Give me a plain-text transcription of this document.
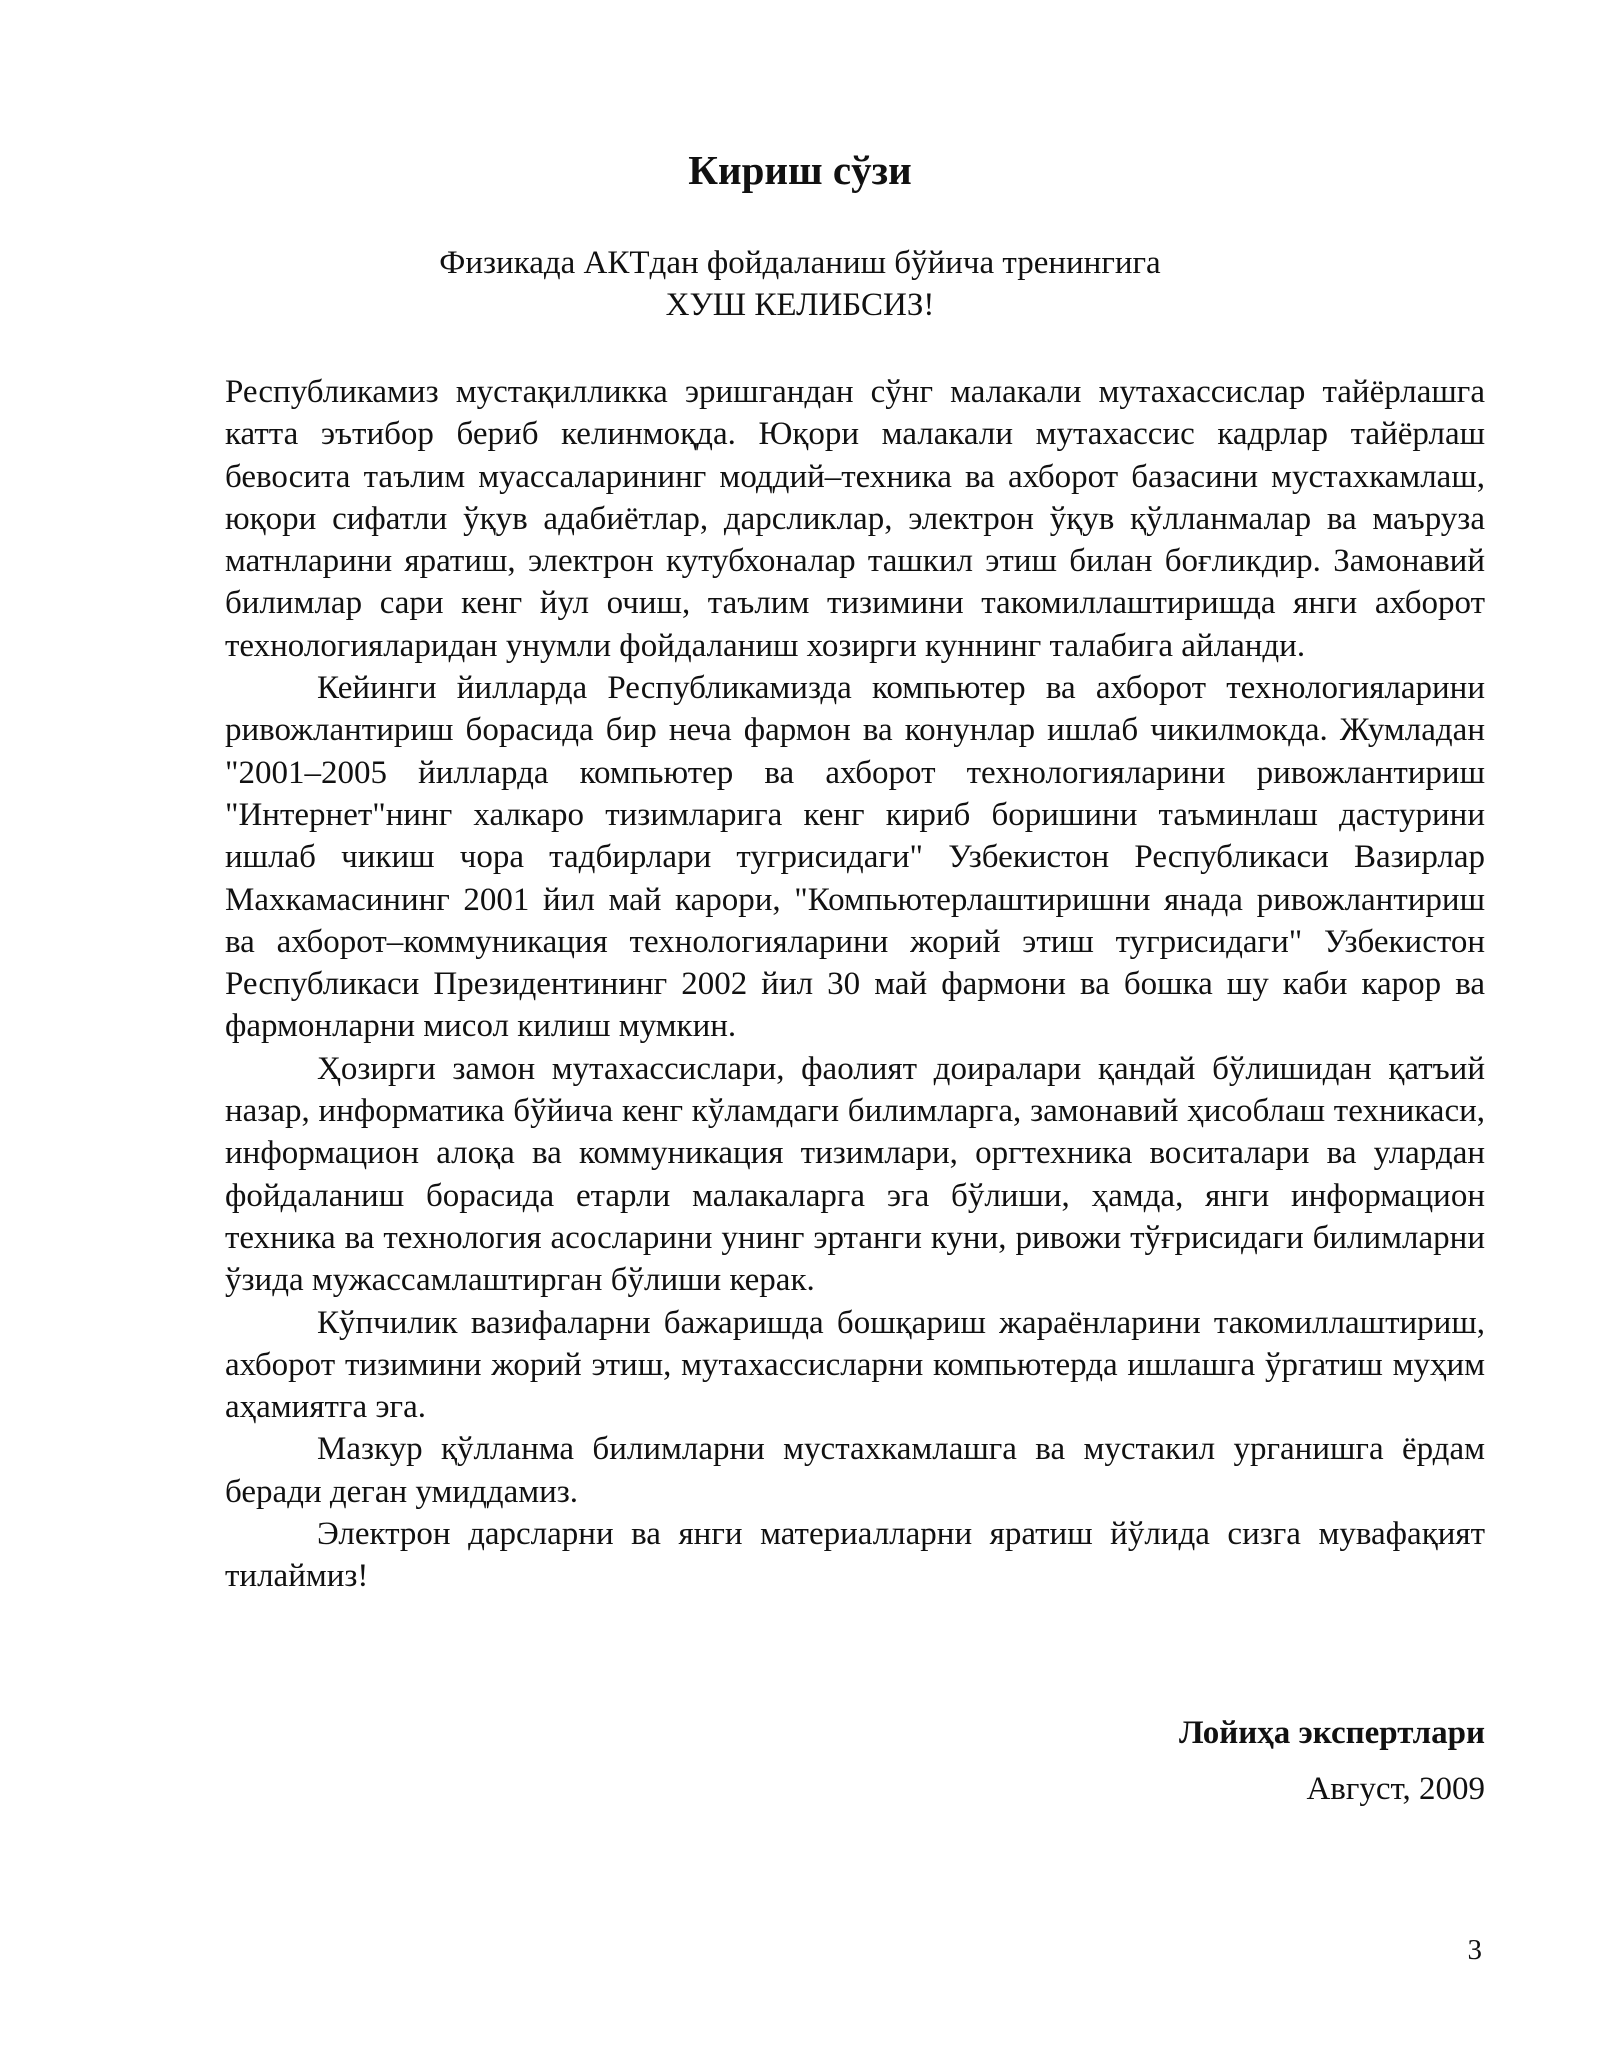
Кириш сўзи
Физикада АКТдан фойдаланиш бўйича тренингига
ХУШ КЕЛИБСИЗ!

Республикамиз мустақилликка эришгандан сўнг малакали мутахассислар тайёрлашга катта эътибор бериб келинмоқда. Юқори малакали мутахассис кадрлар тайёрлаш бевосита таълим муассаларининг моддий–техника ва ахборот базасини мустахкамлаш, юқори сифатли ўқув адабиётлар, дарсликлар, электрон ўқув қўлланмалар ва маъруза матнларини яратиш, электрон кутубхоналар ташкил этиш билан боғликдир. Замонавий билимлар сари кенг йул очиш, таълим тизимини такомиллаштиришда янги ахборот технологияларидан унумли фойдаланиш хозирги куннинг талабига айланди.

Кейинги йилларда Республикамизда компьютер ва ахборот технологияларини ривожлантириш борасида бир неча фармон ва конунлар ишлаб чикилмокда. Жумладан "2001–2005 йилларда компьютер ва ахборот технологияларини ривожлантириш "Интернет"нинг халкаро тизимларига кенг кириб боришини таъминлаш дастурини ишлаб чикиш чора тадбирлари тугрисидаги" Узбекистон Республикаси Вазирлар Махкамасининг 2001 йил май карори, "Компьютерлаштиришни янада ривожлантириш ва ахборот–коммуникация технологияларини жорий этиш тугрисидаги" Узбекистон Республикаси Президентининг 2002 йил 30 май фармони ва бошка шу каби карор ва фармонларни мисол килиш мумкин.

Ҳозирги замон мутахассислари, фаолият доиралари қандай бўлишидан қатъий назар, информатика бўйича кенг кўламдаги билимларга, замонавий ҳисоблаш техникаси, информацион алоқа ва коммуникация тизимлари, оргтехника воситалари ва улардан фойдаланиш борасида етарли малакаларга эга бўлиши, ҳамда, янги информацион техника ва технология асосларини унинг эртанги куни, ривожи тўғрисидаги билимларни ўзида мужассамлаштирган бўлиши керак.

Кўпчилик вазифаларни бажаришда бошқариш жараёнларини такомиллаштириш, ахборот тизимини жорий этиш, мутахассисларни компьютерда ишлашга ўргатиш муҳим аҳамиятга эга.

Мазкур қўлланма билимларни мустахкамлашга ва мустакил урганишга ёрдам беради деган умиддамиз.

Электрон дарсларни ва янги материалларни яратиш йўлида сизга мувафақият тилаймиз!

Лойиҳа экспертлари
Август, 2009
3
